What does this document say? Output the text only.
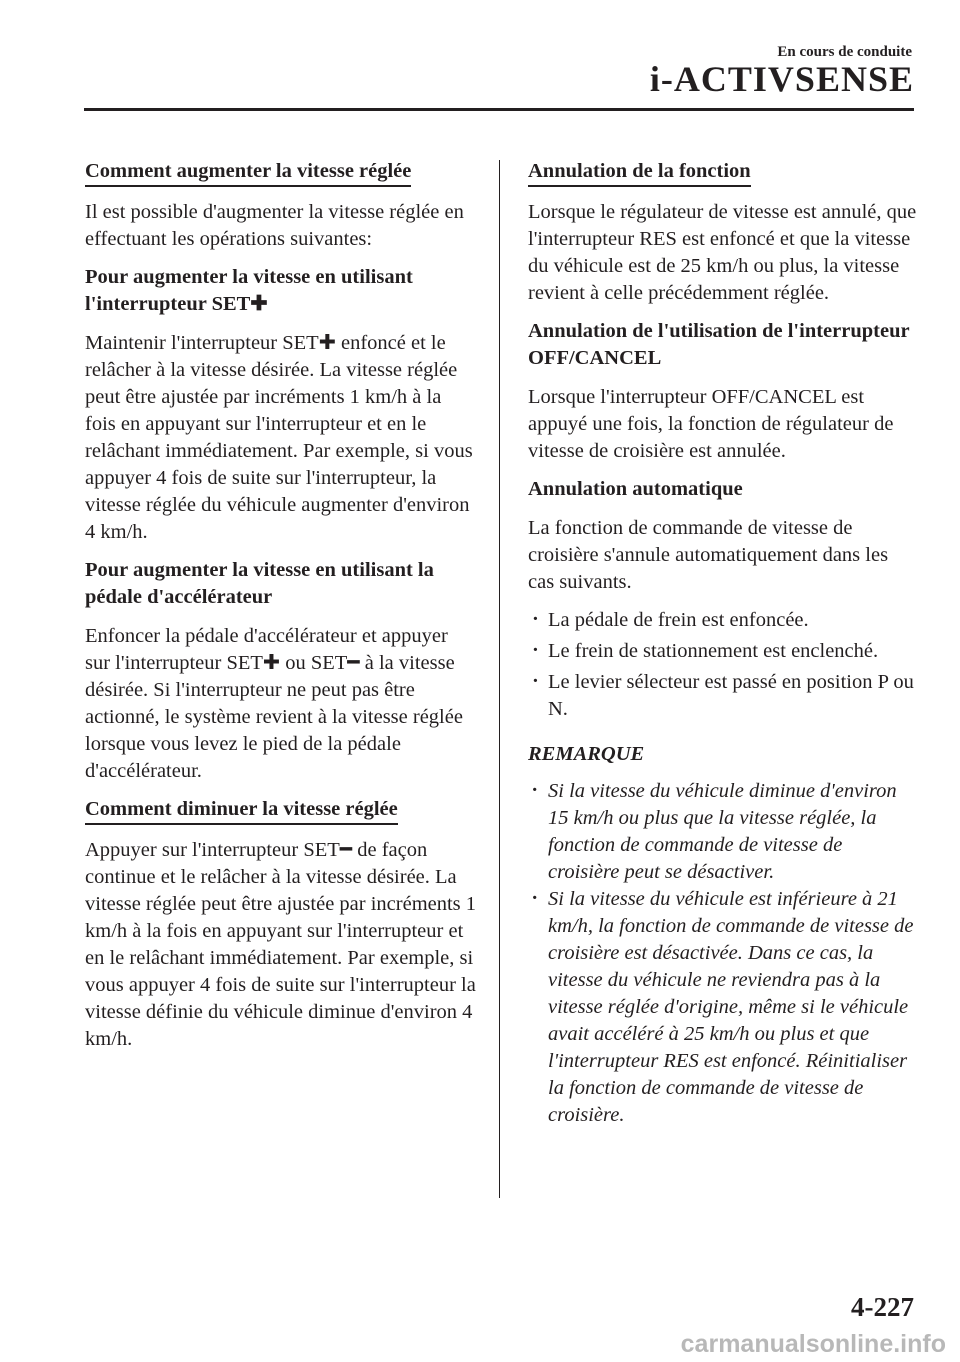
En cours de conduite
i-ACTIVSENSE
Comment augmenter la vitesse réglée

Il est possible d'augmenter la vitesse réglée en effectuant les opérations suivantes:

Pour augmenter la vitesse en utilisant l'interrupteur SET✚

Maintenir l'interrupteur SET✚ enfoncé et le relâcher à la vitesse désirée. La vitesse réglée peut être ajustée par incréments 1 km/h à la fois en appuyant sur l'interrupteur et en le relâchant immédiatement. Par exemple, si vous appuyer 4 fois de suite sur l'interrupteur, la vitesse réglée du véhicule augmenter d'environ 4 km/h.

Pour augmenter la vitesse en utilisant la pédale d'accélérateur

Enfoncer la pédale d'accélérateur et appuyer sur l'interrupteur SET✚ ou SET━ à la vitesse désirée. Si l'interrupteur ne peut pas être actionné, le système revient à la vitesse réglée lorsque vous levez le pied de la pédale d'accélérateur.

Comment diminuer la vitesse réglée

Appuyer sur l'interrupteur SET━ de façon continue et le relâcher à la vitesse désirée. La vitesse réglée peut être ajustée par incréments 1 km/h à la fois en appuyant sur l'interrupteur et en le relâchant immédiatement. Par exemple, si vous appuyer 4 fois de suite sur l'interrupteur la vitesse définie du véhicule diminue d'environ 4 km/h.

Annulation de la fonction

Lorsque le régulateur de vitesse est annulé, que l'interrupteur RES est enfoncé et que la vitesse du véhicule est de 25 km/h ou plus, la vitesse revient à celle précédemment réglée.

Annulation de l'utilisation de l'interrupteur OFF/CANCEL

Lorsque l'interrupteur OFF/CANCEL est appuyé une fois, la fonction de régulateur de vitesse de croisière est annulée.

Annulation automatique

La fonction de commande de vitesse de croisière s'annule automatiquement dans les cas suivants.

· La pédale de frein est enfoncée.
· Le frein de stationnement est enclenché.
· Le levier sélecteur est passé en position P ou N.
REMARQUE
· Si la vitesse du véhicule diminue d'environ 15 km/h ou plus que la vitesse réglée, la fonction de commande de vitesse de croisière peut se désactiver.
· Si la vitesse du véhicule est inférieure à 21 km/h, la fonction de commande de vitesse de croisière est désactivée. Dans ce cas, la vitesse du véhicule ne reviendra pas à la vitesse réglée d'origine, même si le véhicule avait accéléré à 25 km/h ou plus et que l'interrupteur RES est enfoncé. Réinitialiser la fonction de commande de vitesse de croisière.
4-227
carmanualsonline.info
